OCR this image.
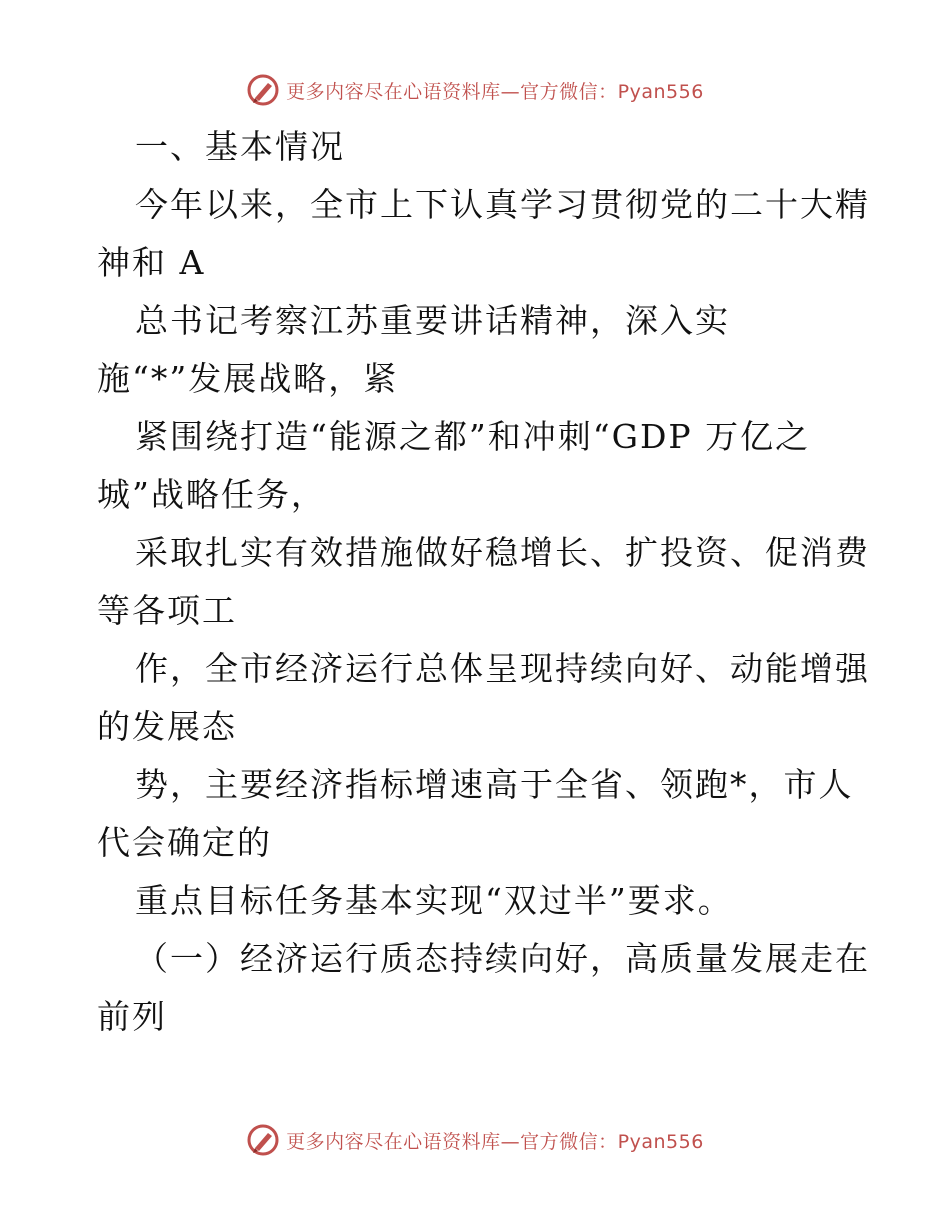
更多内容尽在心语资料库—官方微信：Pyan556
一、基本情况
今年以来，全市上下认真学习贯彻党的二十大精
神和 A
总书记考察江苏重要讲话精神，深入实
施“*”发展战略，紧
紧围绕打造“能源之都”和冲刺“GDP 万亿之
城”战略任务，
采取扎实有效措施做好稳增长、扩投资、促消费
等各项工
作，全市经济运行总体呈现持续向好、动能增强
的发展态
势，主要经济指标增速高于全省、领跑*，市人
代会确定的
重点目标任务基本实现“双过半”要求。
（一）经济运行质态持续向好，高质量发展走在
前列
更多内容尽在心语资料库—官方微信：Pyan556
